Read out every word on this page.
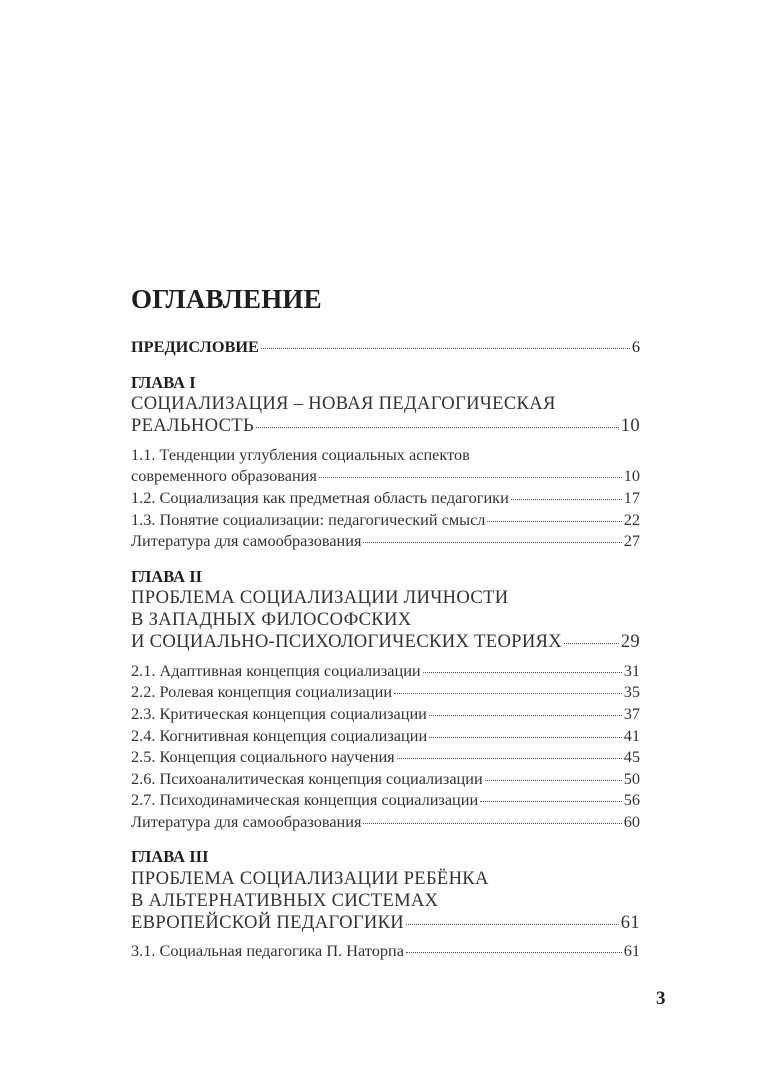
ОГЛАВЛЕНИЕ
ПРЕДИСЛОВИЕ	6
ГЛАВА I
СОЦИАЛИЗАЦИЯ – НОВАЯ ПЕДАГОГИЧЕСКАЯ
РЕАЛЬНОСТЬ	10
1.1. Тенденции углубления социальных аспектов
современного образования	10
1.2. Социализация как предметная область педагогики	17
1.3. Понятие социализации: педагогический смысл	22
Литература для самообразования	27
ГЛАВА II
ПРОБЛЕМА СОЦИАЛИЗАЦИИ ЛИЧНОСТИ
В ЗАПАДНЫХ ФИЛОСОФСКИХ
И СОЦИАЛЬНО-ПСИХОЛОГИЧЕСКИХ ТЕОРИЯХ	29
2.1. Адаптивная концепция социализации	31
2.2. Ролевая концепция социализации	35
2.3. Критическая концепция социализации	37
2.4. Когнитивная концепция социализации	41
2.5. Концепция социального научения	45
2.6. Психоаналитическая концепция социализации	50
2.7. Психодинамическая концепция социализации	56
Литература для самообразования	60
ГЛАВА III
ПРОБЛЕМА СОЦИАЛИЗАЦИИ РЕБЁНКА
В АЛЬТЕРНАТИВНЫХ СИСТЕМАХ
ЕВРОПЕЙСКОЙ ПЕДАГОГИКИ	61
3.1. Социальная педагогика П. Наторпа	61
3
